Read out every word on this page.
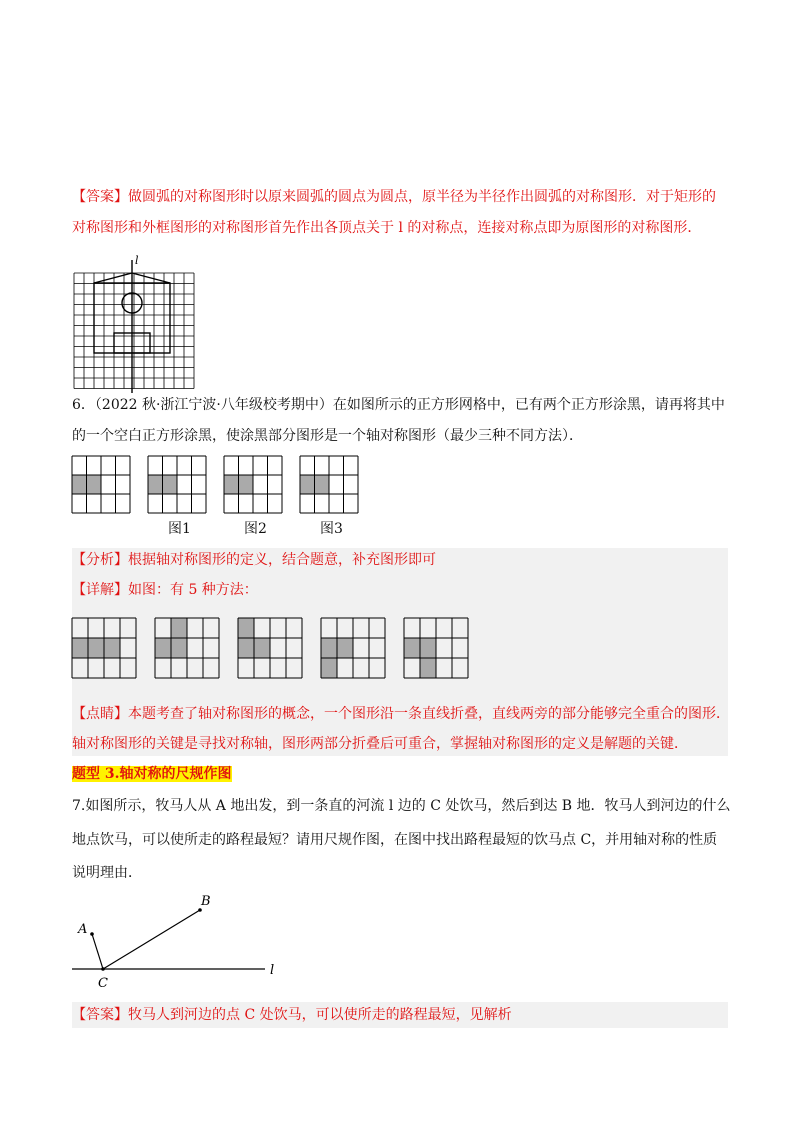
【答案】做圆弧的对称图形时以原来圆弧的圆点为圆点，原半径为半径作出圆弧的对称图形．对于矩形的
对称图形和外框图形的对称图形首先作出各顶点关于 l 的对称点，连接对称点即为原图形的对称图形．
l
6．（2022 秋·浙江宁波·八年级校考期中）在如图所示的正方形网格中，已有两个正方形涂黑，请再将其中
的一个空白正方形涂黑，使涂黑部分图形是一个轴对称图形（最少三种不同方法）．
图1	图2	图3
【分析】根据轴对称图形的定义，结合题意，补充图形即可
【详解】如图：有 5 种方法：
【点睛】本题考查了轴对称图形的概念，一个图形沿一条直线折叠，直线两旁的部分能够完全重合的图形．
轴对称图形的关键是寻找对称轴，图形两部分折叠后可重合，掌握轴对称图形的定义是解题的关键．
题型 3.轴对称的尺规作图
7.如图所示，牧马人从 A 地出发，到一条直的河流 l 边的 C 处饮马，然后到达 B 地．牧马人到河边的什么
地点饮马，可以使所走的路程最短？请用尺规作图，在图中找出路程最短的饮马点 C，并用轴对称的性质
说明理由．
A
B
C
l
【答案】牧马人到河边的点 C 处饮马，可以使所走的路程最短，见解析
